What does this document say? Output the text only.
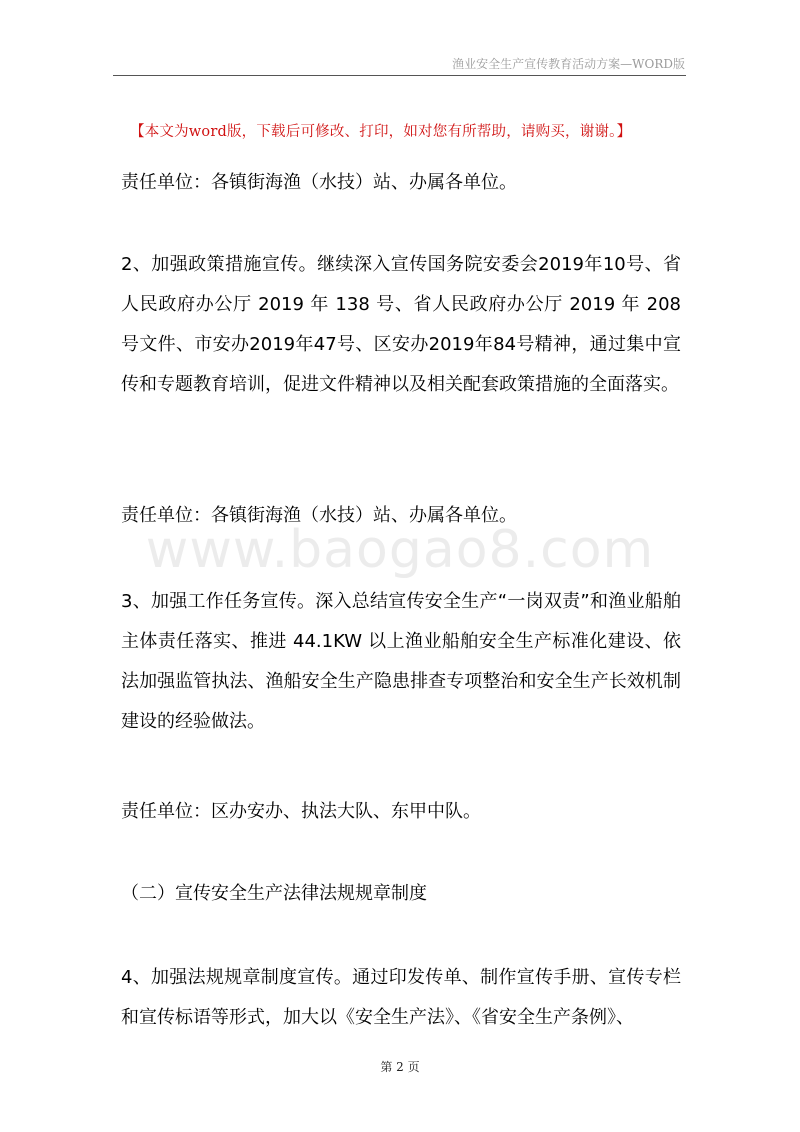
渔业安全生产宣传教育活动方案—WORD版
【本文为word版，下载后可修改、打印，如对您有所帮助，请购买，谢谢。】
www.baogao8.com
责任单位：各镇街海渔（水技）站、办属各单位。
2、加强政策措施宣传。继续深入宣传国务院安委会2019年10号、省人民政府办公厅 2019 年 138 号、省人民政府办公厅 2019 年 208 号文件、市安办2019年47号、区安办2019年84号精神，通过集中宣传和专题教育培训，促进文件精神以及相关配套政策措施的全面落实。
责任单位：各镇街海渔（水技）站、办属各单位。
3、加强工作任务宣传。深入总结宣传安全生产“一岗双责”和渔业船舶主体责任落实、推进 44.1KW 以上渔业船舶安全生产标准化建设、依法加强监管执法、渔船安全生产隐患排查专项整治和安全生产长效机制建设的经验做法。
责任单位：区办安办、执法大队、东甲中队。
（二）宣传安全生产法律法规规章制度
4、加强法规规章制度宣传。通过印发传单、制作宣传手册、宣传专栏和宣传标语等形式，加大以《安全生产法》、《省安全生产条例》、
第 2 页
